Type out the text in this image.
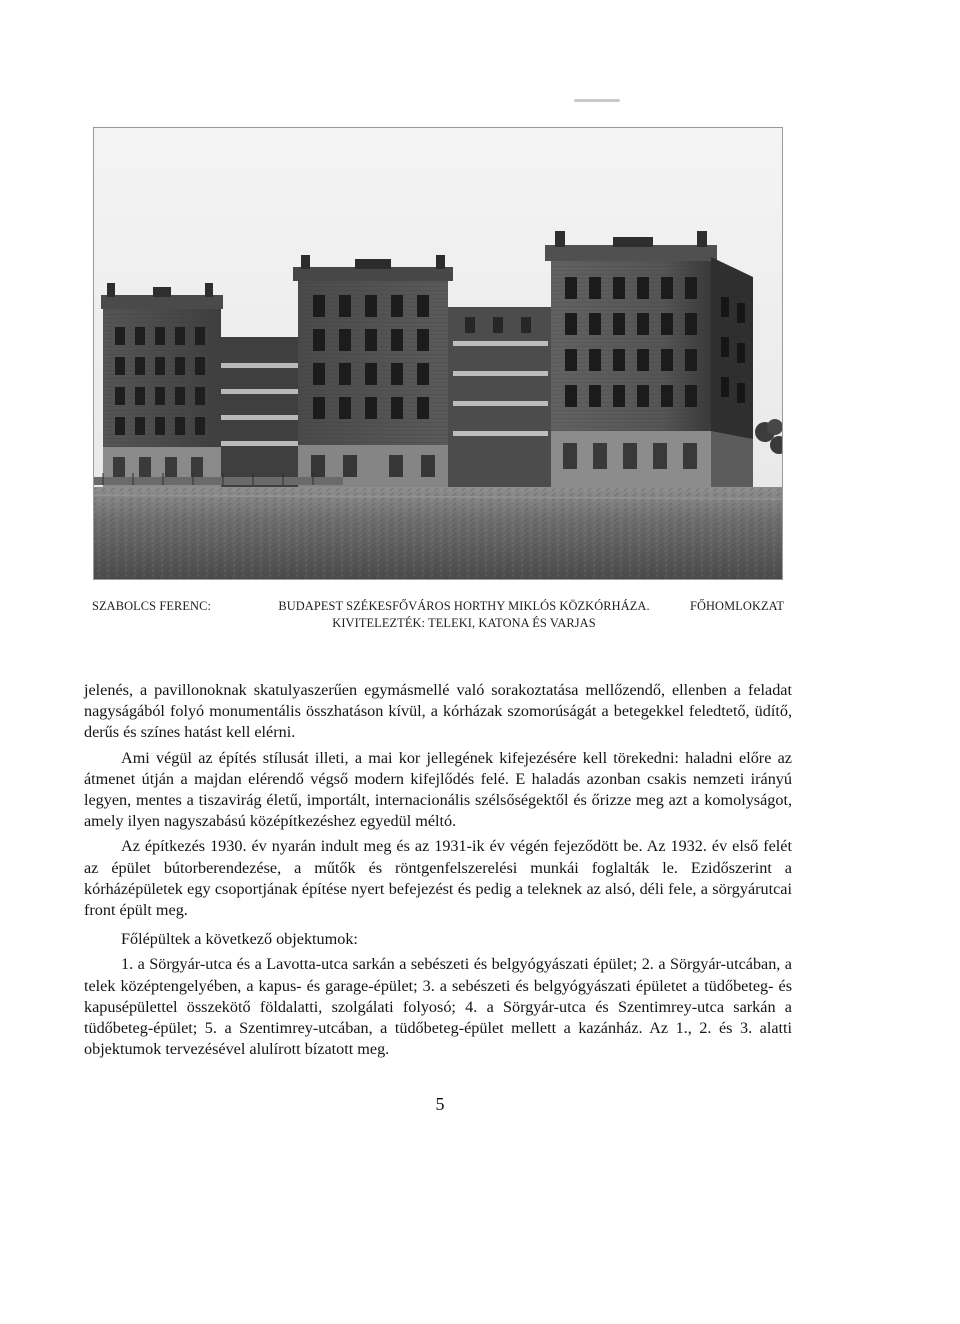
SZABOLCS FERENC:	BUDAPEST SZÉKESFŐVÁROS HORTHY MIKLÓS KÖZKÓRHÁZA.
KIVITELEZTÉK: TELEKI, KATONA ÉS VARJAS
FŐHOMLOKZAT

jelenés, a pavillonoknak skatulyaszerűen egymásmellé való sorakoztatása mellőzendő, ellenben a feladat nagyságából folyó monumentális összhatáson kívül, a kórházak szomorúságát a betegekkel feledtető, üdítő, derűs és színes hatást kell elérni.

Ami végül az építés stílusát illeti, a mai kor jellegének kifejezésére kell törekedni: haladni előre az átmenet útján a majdan elérendő végső modern kifejlődés felé. E haladás azonban csakis nemzeti irányú legyen, mentes a tiszavirág életű, importált, internacionális szélsőségektől és őrizze meg azt a komolyságot, amely ilyen nagyszabású középítkezéshez egyedül méltó.

Az építkezés 1930. év nyarán indult meg és az 1931-ik év végén fejeződött be. Az 1932. év első felét az épület bútorberendezése, a műtők és röntgenfelszerelési munkái foglalták le. Ezidőszerint a kórházépületek egy csoportjának építése nyert befejezést és pedig a teleknek az alsó, déli fele, a sörgyárutcai front épült meg.

Főlépültek a következő objektumok:

1. a Sörgyár-utca és a Lavotta-utca sarkán a sebészeti és belgyógyászati épület; 2. a Sörgyár-utcában, a telek középtengelyében, a kapus- és garage-épület; 3. a sebészeti és belgyógyászati épületet a tüdőbeteg- és kapusépülettel összekötő földalatti, szolgálati folyosó; 4. a Sörgyár-utca és Szentimrey-utca sarkán a tüdőbeteg-épület; 5. a Szentimrey-utcában, a tüdőbeteg-épület mellett a kazánház. Az 1., 2. és 3. alatti objektumok tervezésével alulírott bízatott meg.

5
